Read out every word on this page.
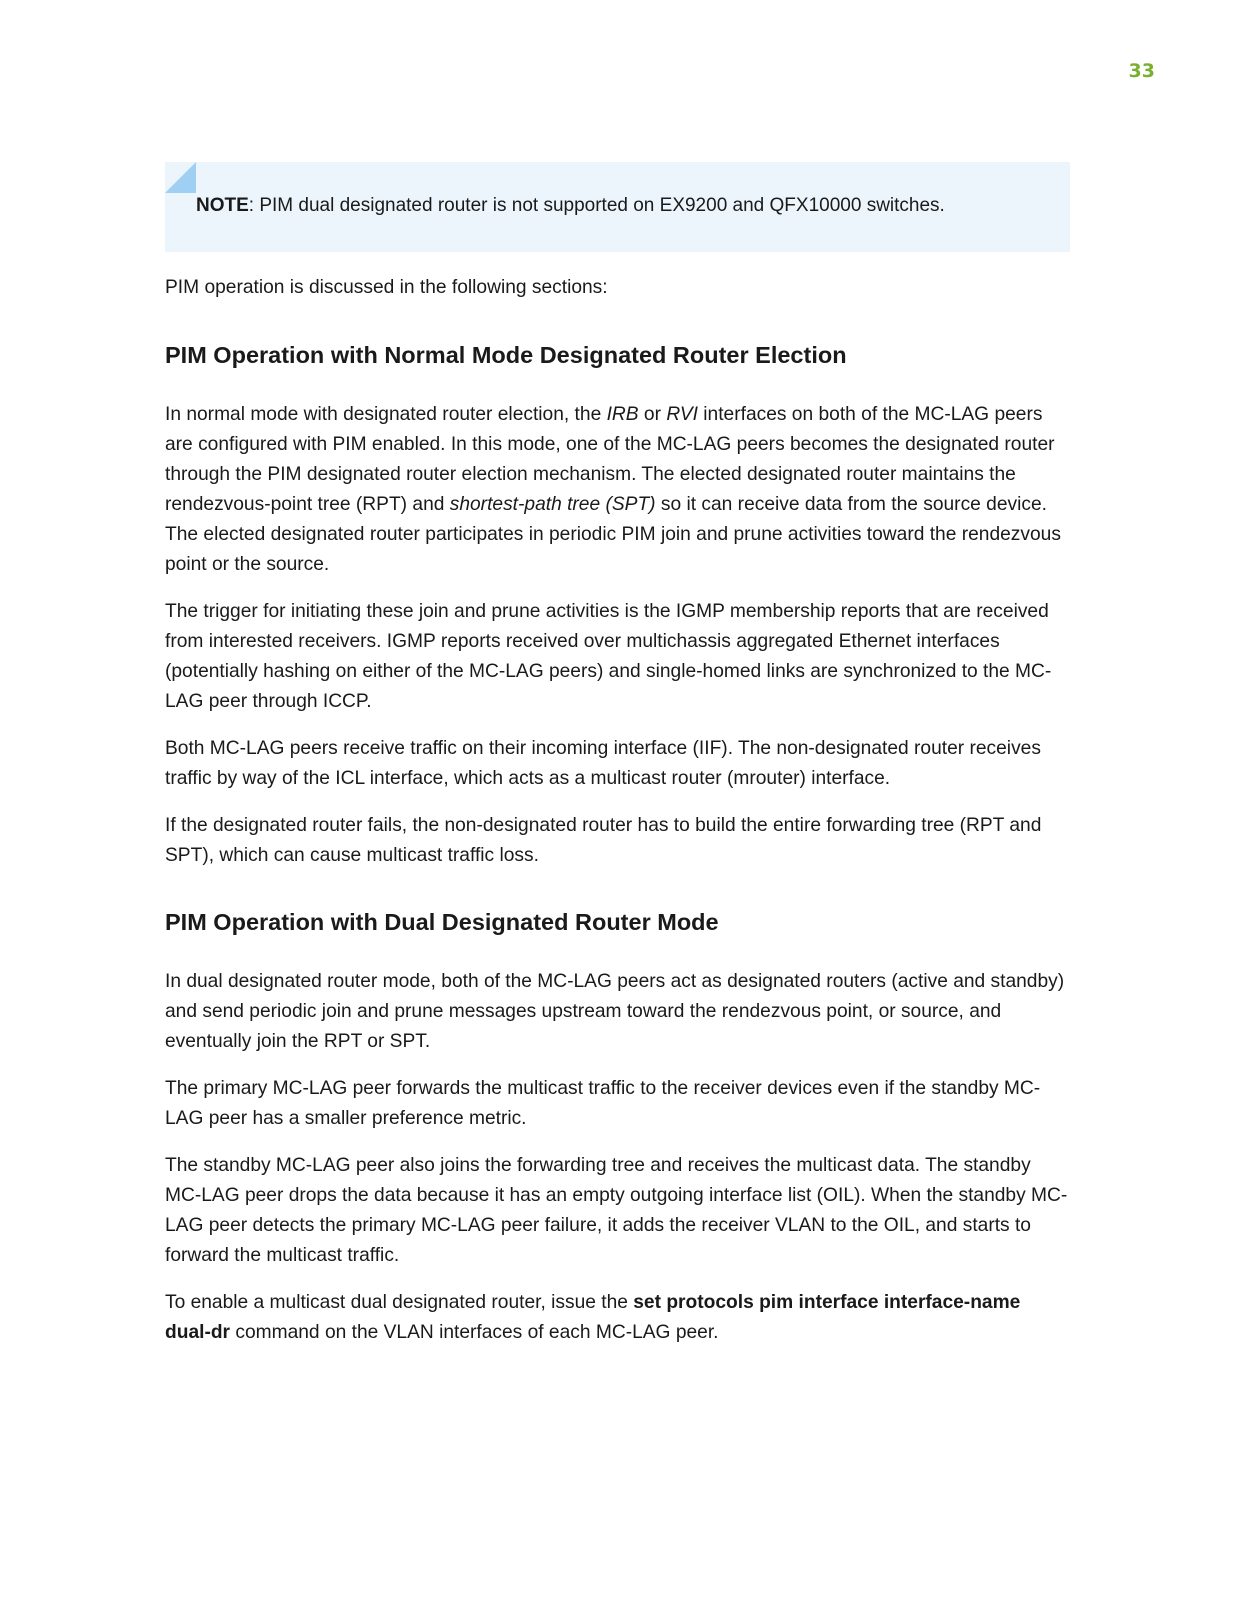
33
NOTE: PIM dual designated router is not supported on EX9200 and QFX10000 switches.

PIM operation is discussed in the following sections:

PIM Operation with Normal Mode Designated Router Election

In normal mode with designated router election, the IRB or RVI interfaces on both of the MC-LAG peers are configured with PIM enabled. In this mode, one of the MC-LAG peers becomes the designated router through the PIM designated router election mechanism. The elected designated router maintains the rendezvous-point tree (RPT) and shortest-path tree (SPT) so it can receive data from the source device. The elected designated router participates in periodic PIM join and prune activities toward the rendezvous point or the source.

The trigger for initiating these join and prune activities is the IGMP membership reports that are received from interested receivers. IGMP reports received over multichassis aggregated Ethernet interfaces (potentially hashing on either of the MC-LAG peers) and single-homed links are synchronized to the MC-LAG peer through ICCP.

Both MC-LAG peers receive traffic on their incoming interface (IIF). The non-designated router receives traffic by way of the ICL interface, which acts as a multicast router (mrouter) interface.

If the designated router fails, the non-designated router has to build the entire forwarding tree (RPT and SPT), which can cause multicast traffic loss.

PIM Operation with Dual Designated Router Mode

In dual designated router mode, both of the MC-LAG peers act as designated routers (active and standby) and send periodic join and prune messages upstream toward the rendezvous point, or source, and eventually join the RPT or SPT.

The primary MC-LAG peer forwards the multicast traffic to the receiver devices even if the standby MC-LAG peer has a smaller preference metric.

The standby MC-LAG peer also joins the forwarding tree and receives the multicast data. The standby MC-LAG peer drops the data because it has an empty outgoing interface list (OIL). When the standby MC-LAG peer detects the primary MC-LAG peer failure, it adds the receiver VLAN to the OIL, and starts to forward the multicast traffic.

To enable a multicast dual designated router, issue the set protocols pim interface interface-name dual-dr command on the VLAN interfaces of each MC-LAG peer.
